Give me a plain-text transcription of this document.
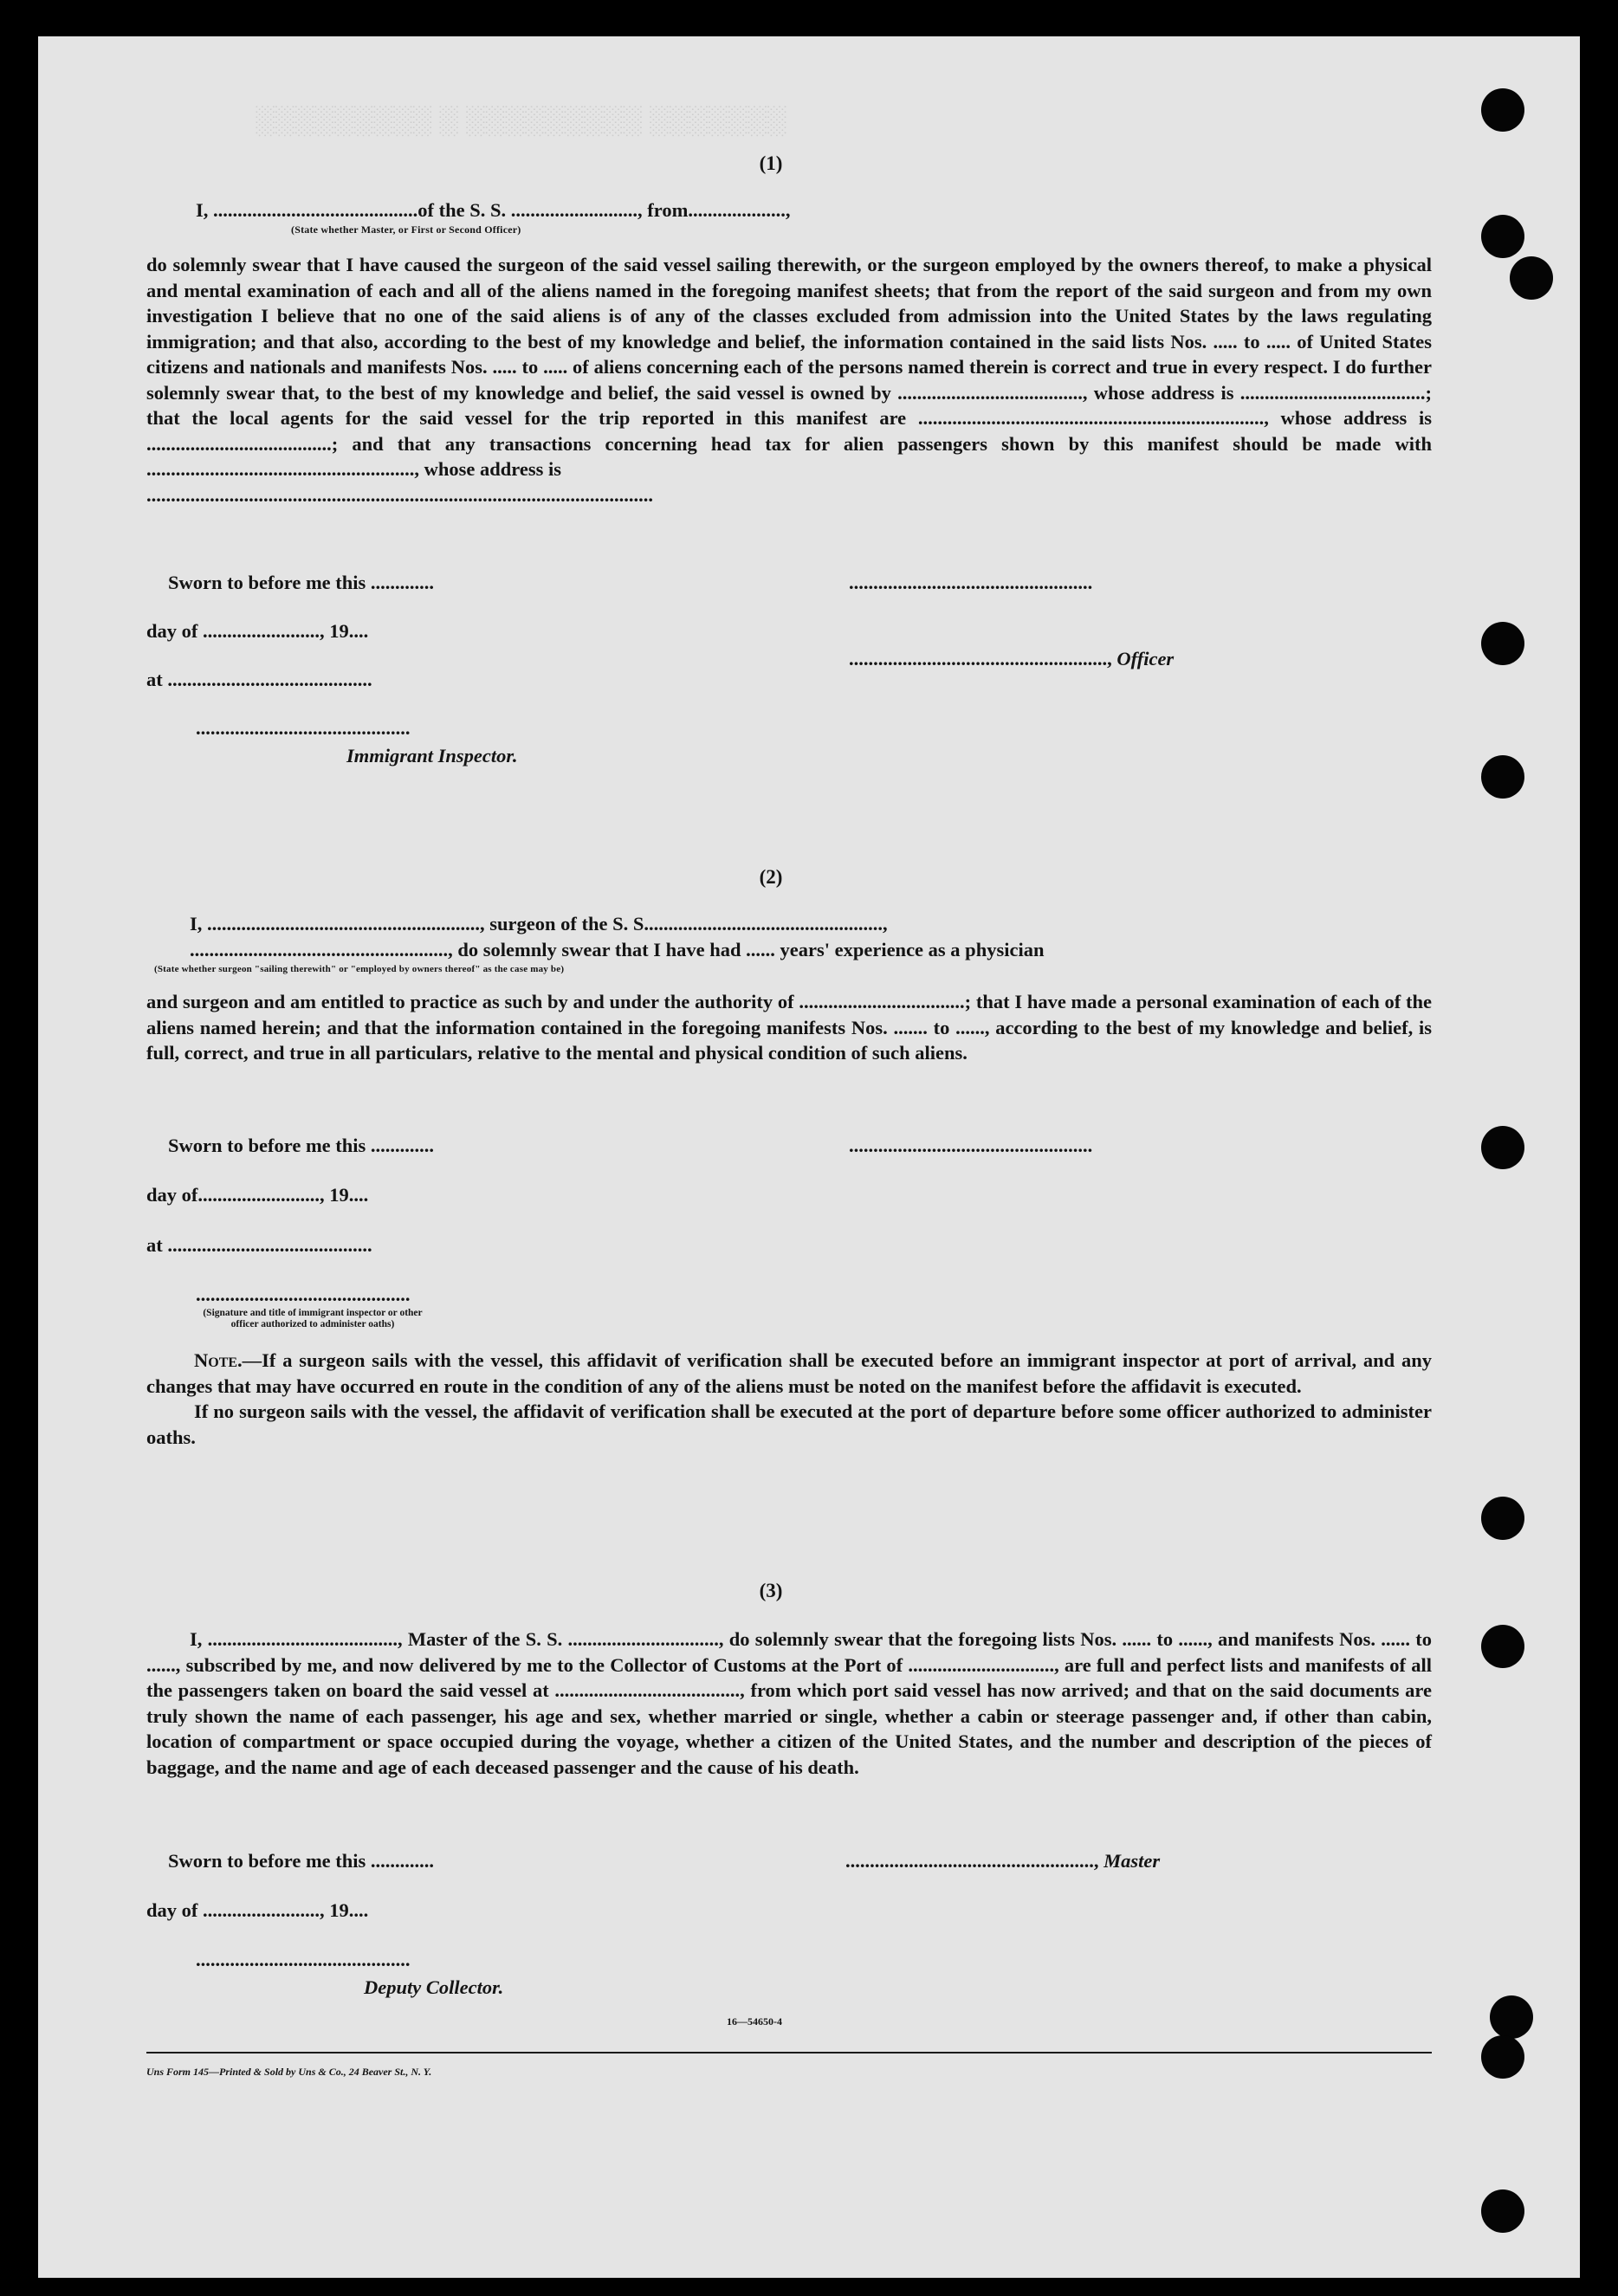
░░░░░░░░░ ░ ░░░░░░░░░ ░░░░░░░
(1)
I, ..........................................of the S. S. .........................., from....................,
(State whether Master, or First or Second Officer)

do solemnly swear that I have caused the surgeon of the said vessel sailing therewith, or the surgeon employed by the owners thereof, to make a physical and mental examination of each and all of the aliens named in the foregoing manifest sheets; that from the report of the said surgeon and from my own investigation I believe that no one of the said aliens is of any of the classes excluded from admission into the United States by the laws regulating immigration; and that also, according to the best of my knowledge and belief, the information contained in the said lists Nos. ..... to ..... of United States citizens and nationals and manifests Nos. ..... to ..... of aliens concerning each of the persons named therein is correct and true in every respect. I do further solemnly swear that, to the best of my knowledge and belief, the said vessel is owned by ......................................, whose address is ......................................; that the local agents for the said vessel for the trip reported in this manifest are ......................................................................., whose address is ......................................; and that any transactions concerning head tax for alien passengers shown by this manifest should be made with ......................................................., whose address is

........................................................................................................

Sworn to before me this .............	..................................................
day of ........................, 19....
....................................................., Officer
at ..........................................
............................................
Immigrant Inspector.
(2)
I, ........................................................, surgeon of the S. S.................................................,
....................................................., do solemnly swear that I have had ...... years' experience as a physician
(State whether surgeon "sailing therewith" or "employed by owners thereof" as the case may be)
and surgeon and am entitled to practice as such by and under the authority of ..................................; that I have made a personal examination of each of the aliens named herein; and that the information contained in the foregoing manifests Nos. ....... to ......, according to the best of my knowledge and belief, is full, correct, and true in all particulars, relative to the mental and physical condition of such aliens.
Sworn to before me this .............	..................................................
day of........................., 19....
at ..........................................
............................................
(Signature and title of immigrant inspector or other officer authorized to administer oaths)

Note.—If a surgeon sails with the vessel, this affidavit of verification shall be executed before an immigrant inspector at port of arrival, and any changes that may have occurred en route in the condition of any of the aliens must be noted on the manifest before the affidavit is executed.

If no surgeon sails with the vessel, the affidavit of verification shall be executed at the port of departure before some officer authorized to administer oaths.

(3)

I, ......................................., Master of the S. S. ..............................., do solemnly swear that the foregoing lists Nos. ...... to ......, and manifests Nos. ...... to ......, subscribed by me, and now delivered by me to the Collector of Customs at the Port of .............................., are full and perfect lists and manifests of all the passengers taken on board the said vessel at ......................................, from which port said vessel has now arrived; and that on the said documents are truly shown the name of each passenger, his age and sex, whether married or single, whether a cabin or steerage passenger and, if other than cabin, location of compartment or space occupied during the voyage, whether a citizen of the United States, and the number and description of the pieces of baggage, and the name and age of each deceased passenger and the cause of his death.

Sworn to before me this .............	..................................................., Master
day of ........................, 19....
............................................
Deputy Collector.
16—54650-4
Uns Form 145—Printed & Sold by Uns & Co., 24 Beaver St., N. Y.
